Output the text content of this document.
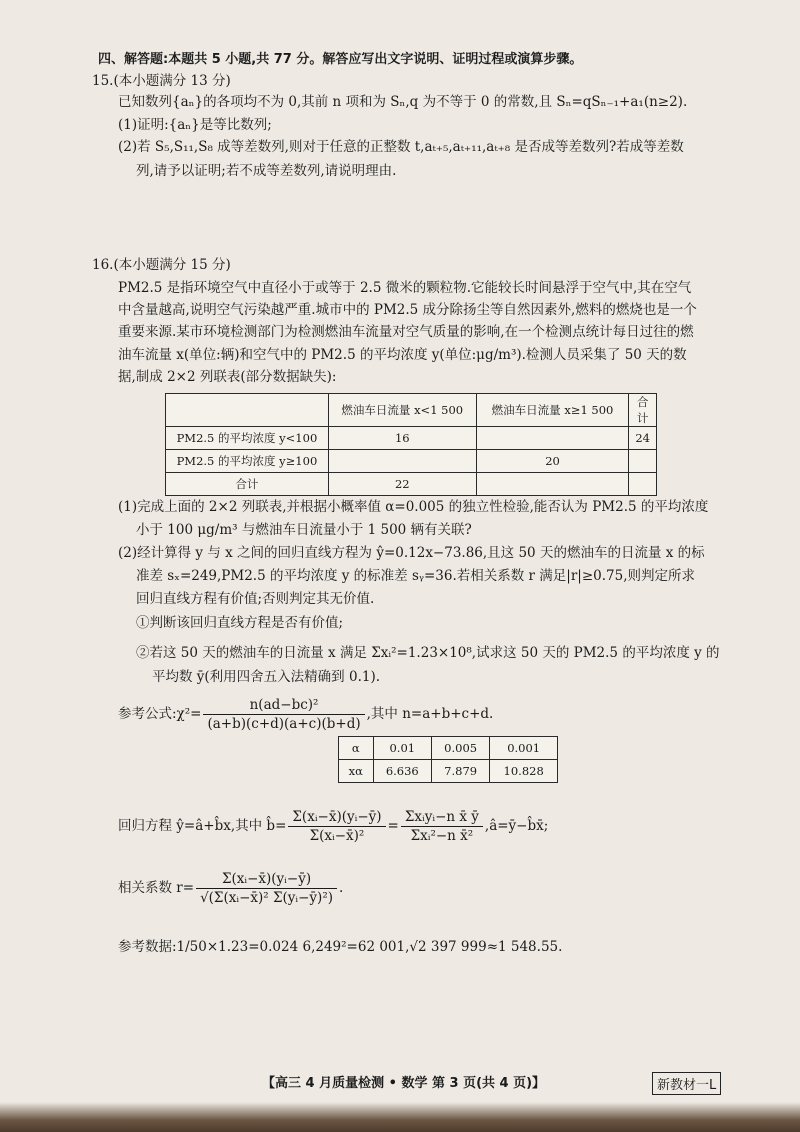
四、解答题:本题共 5 小题,共 77 分。解答应写出文字说明、证明过程或演算步骤。
15.(本小题满分 13 分)
已知数列{aₙ}的各项均不为 0,其前 n 项和为 Sₙ,q 为不等于 0 的常数,且 Sₙ=qSₙ₋₁+a₁(n≥2).
(1)证明:{aₙ}是等比数列;
(2)若 S₅,S₁₁,S₈ 成等差数列,则对于任意的正整数 t,aₜ₊₅,aₜ₊₁₁,aₜ₊₈ 是否成等差数列?若成等差数
列,请予以证明;若不成等差数列,请说明理由.
16.(本小题满分 15 分)
PM2.5 是指环境空气中直径小于或等于 2.5 微米的颗粒物.它能较长时间悬浮于空气中,其在空气
中含量越高,说明空气污染越严重.城市中的 PM2.5 成分除扬尘等自然因素外,燃料的燃烧也是一个
重要来源.某市环境检测部门为检测燃油车流量对空气质量的影响,在一个检测点统计每日过往的燃
油车流量 x(单位:辆)和空气中的 PM2.5 的平均浓度 y(单位:μg/m³).检测人员采集了 50 天的数
据,制成 2×2 列联表(部分数据缺失):
	燃油车日流量 x<1 500	燃油车日流量 x≥1 500	合计
PM2.5 的平均浓度 y<100	16		24
PM2.5 的平均浓度 y≥100		20	
合计	22		
(1)完成上面的 2×2 列联表,并根据小概率值 α=0.005 的独立性检验,能否认为 PM2.5 的平均浓度
小于 100 μg/m³ 与燃油车日流量小于 1 500 辆有关联?
(2)经计算得 y 与 x 之间的回归直线方程为 ŷ=0.12x−73.86,且这 50 天的燃油车的日流量 x 的标
准差 sₓ=249,PM2.5 的平均浓度 y 的标准差 sᵧ=36.若相关系数 r 满足|r|≥0.75,则判定所求
回归直线方程有价值;否则判定其无价值.
①判断该回归直线方程是否有价值;
②若这 50 天的燃油车的日流量 x 满足 Σxᵢ²=1.23×10⁸,试求这 50 天的 PM2.5 的平均浓度 y 的
平均数 ȳ(利用四舍五入法精确到 0.1).
参考公式:χ²= $\frac{\text{n(ad−bc)²}}{(a+b)(c+d)(a+c)(b+d)}$ ,其中 n=a+b+c+d.
α	0.01	0.005	0.001
xα	6.636	7.879	10.828
回归方程 ŷ=â+b̂x,其中 b̂= $\frac{\text{Σ(xᵢ−x̄)(yᵢ−ȳ)}}{\text{Σ(xᵢ−x̄)²}} = \frac{\text{Σxᵢyᵢ−n x̄ ȳ}}{\text{Σxᵢ²−n x̄²}}$ ,â=ȳ−b̂x̄;
相关系数 $r= \frac{\text{Σ(xᵢ−x̄)(yᵢ−ȳ)}}{\text{√(Σ(xᵢ−x̄)² Σ(yᵢ−ȳ)²)}}$ .
参考数据:1/50×1.23=0.024 6,249²=62 001,√2 397 999≈1 548.55.
【高三 4 月质量检测 • 数学 第 3 页(共 4 页)】	新教材一L
